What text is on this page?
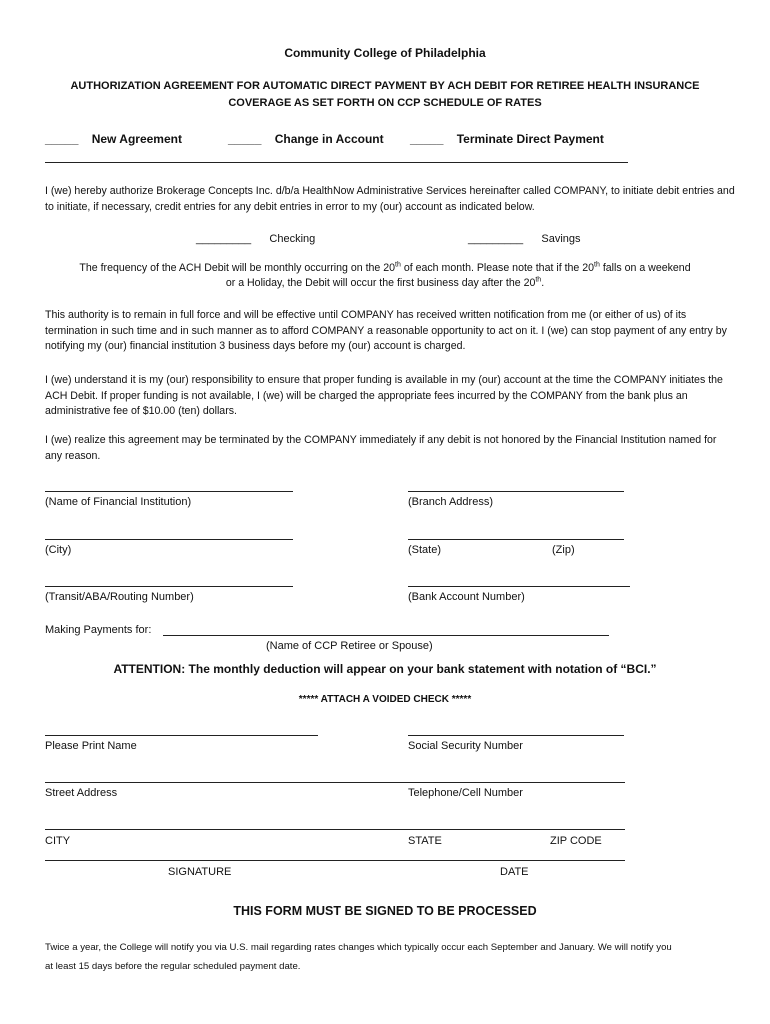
Community College of Philadelphia
AUTHORIZATION AGREEMENT FOR AUTOMATIC DIRECT PAYMENT BY ACH DEBIT FOR RETIREE HEALTH INSURANCE
COVERAGE AS SET FORTH ON CCP SCHEDULE OF RATES
_____ New Agreement	_____ Change in Account _____ Terminate Direct Payment
I (we) hereby authorize Brokerage Concepts Inc. d/b/a HealthNow Administrative Services hereinafter called COMPANY, to initiate debit entries and to initiate, if necessary, credit entries for any debit entries in error to my (our) account as indicated below.
_________ Checking	_________ Savings
The frequency of the ACH Debit will be monthly occurring on the 20th of each month. Please note that if the 20th falls on a weekend
or a Holiday, the Debit will occur the first business day after the 20th.
This authority is to remain in full force and will be effective until COMPANY has received written notification from me (or either of us) of its termination in such time and in such manner as to afford COMPANY a reasonable opportunity to act on it. I (we) can stop payment of any entry by notifying my (our) financial institution 3 business days before my (our) account is charged.
I (we) understand it is my (our) responsibility to ensure that proper funding is available in my (our) account at the time the COMPANY initiates the ACH Debit. If proper funding is not available, I (we) will be charged the appropriate fees incurred by the COMPANY from the bank plus an administrative fee of $10.00 (ten) dollars.
I (we) realize this agreement may be terminated by the COMPANY immediately if any debit is not honored by the Financial Institution named for any reason.
(Name of Financial Institution)	(Branch Address)
(City)	(State)	(Zip)
(Transit/ABA/Routing Number)	(Bank Account Number)
Making Payments for:
(Name of CCP Retiree or Spouse)
ATTENTION: The monthly deduction will appear on your bank statement with notation of “BCI.”
***** ATTACH A VOIDED CHECK *****
Please Print Name	Social Security Number
Street Address	Telephone/Cell Number
CITY	STATE	ZIP CODE
SIGNATURE	DATE
THIS FORM MUST BE SIGNED TO BE PROCESSED
Twice a year, the College will notify you via U.S. mail regarding rates changes which typically occur each September and January. We will notify you
at least 15 days before the regular scheduled payment date.
